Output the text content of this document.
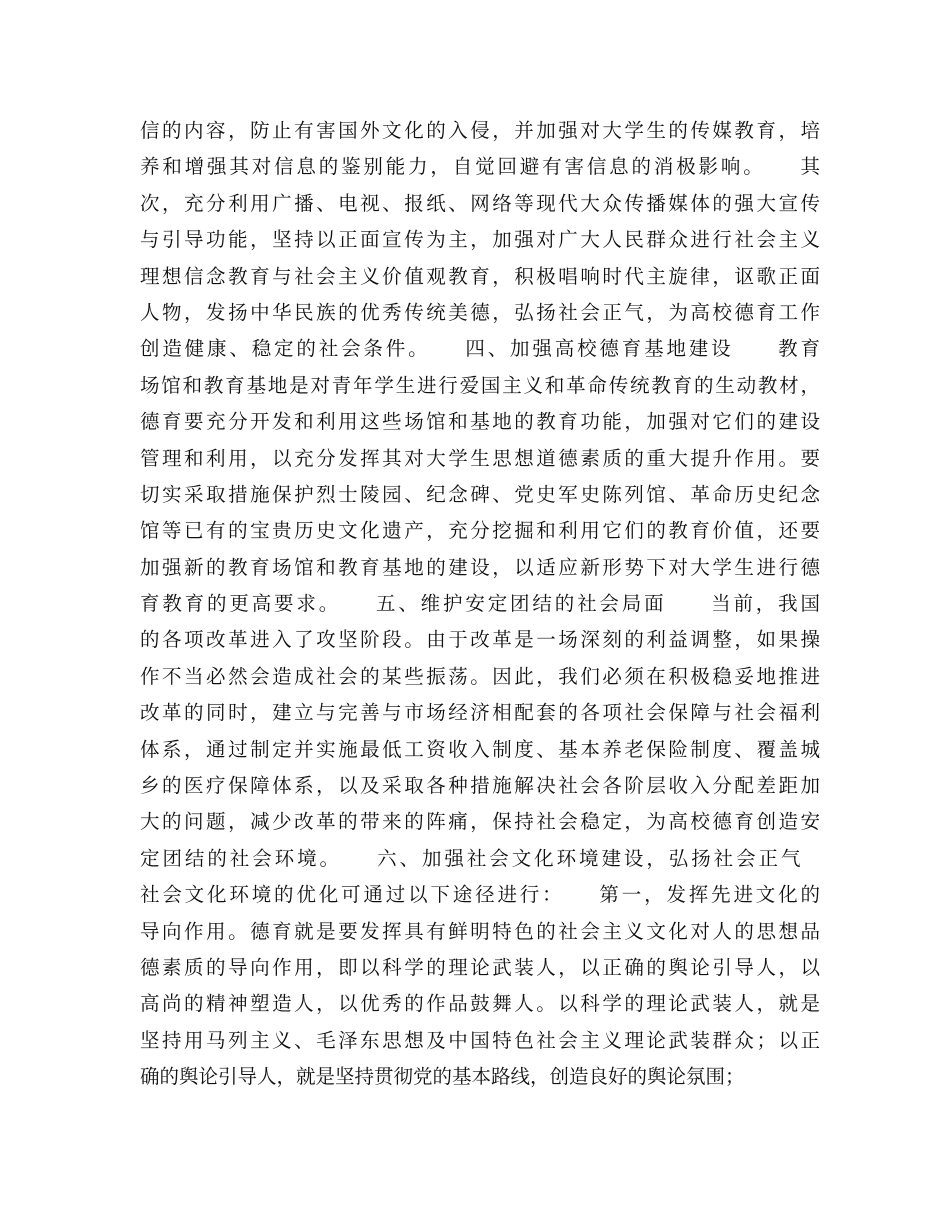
信的内容，防止有害国外文化的入侵，并加强对大学生的传媒教育，培
养和增强其对信息的鉴别能力，自觉回避有害信息的消极影响。　　其
次，充分利用广播、电视、报纸、网络等现代大众传播媒体的强大宣传
与引导功能，坚持以正面宣传为主，加强对广大人民群众进行社会主义
理想信念教育与社会主义价值观教育，积极唱响时代主旋律，讴歌正面
人物，发扬中华民族的优秀传统美德，弘扬社会正气，为高校德育工作
创造健康、稳定的社会条件。　　四、加强高校德育基地建设　　教育
场馆和教育基地是对青年学生进行爱国主义和革命传统教育的生动教材，
德育要充分开发和利用这些场馆和基地的教育功能，加强对它们的建设
管理和利用，以充分发挥其对大学生思想道德素质的重大提升作用。要
切实采取措施保护烈士陵园、纪念碑、党史军史陈列馆、革命历史纪念
馆等已有的宝贵历史文化遗产，充分挖掘和利用它们的教育价值，还要
加强新的教育场馆和教育基地的建设，以适应新形势下对大学生进行德
育教育的更高要求。　　五、维护安定团结的社会局面　　当前，我国
的各项改革进入了攻坚阶段。由于改革是一场深刻的利益调整，如果操
作不当必然会造成社会的某些振荡。因此，我们必须在积极稳妥地推进
改革的同时，建立与完善与市场经济相配套的各项社会保障与社会福利
体系，通过制定并实施最低工资收入制度、基本养老保险制度、覆盖城
乡的医疗保障体系，以及采取各种措施解决社会各阶层收入分配差距加
大的问题，减少改革的带来的阵痛，保持社会稳定，为高校德育创造安
定团结的社会环境。　　六、加强社会文化环境建设，弘扬社会正气　
社会文化环境的优化可通过以下途径进行：　　第一，发挥先进文化的
导向作用。德育就是要发挥具有鲜明特色的社会主义文化对人的思想品
德素质的导向作用，即以科学的理论武装人，以正确的舆论引导人，以
高尚的精神塑造人，以优秀的作品鼓舞人。以科学的理论武装人，就是
坚持用马列主义、毛泽东思想及中国特色社会主义理论武装群众；以正
确的舆论引导人，就是坚持贯彻党的基本路线，创造良好的舆论氛围；
